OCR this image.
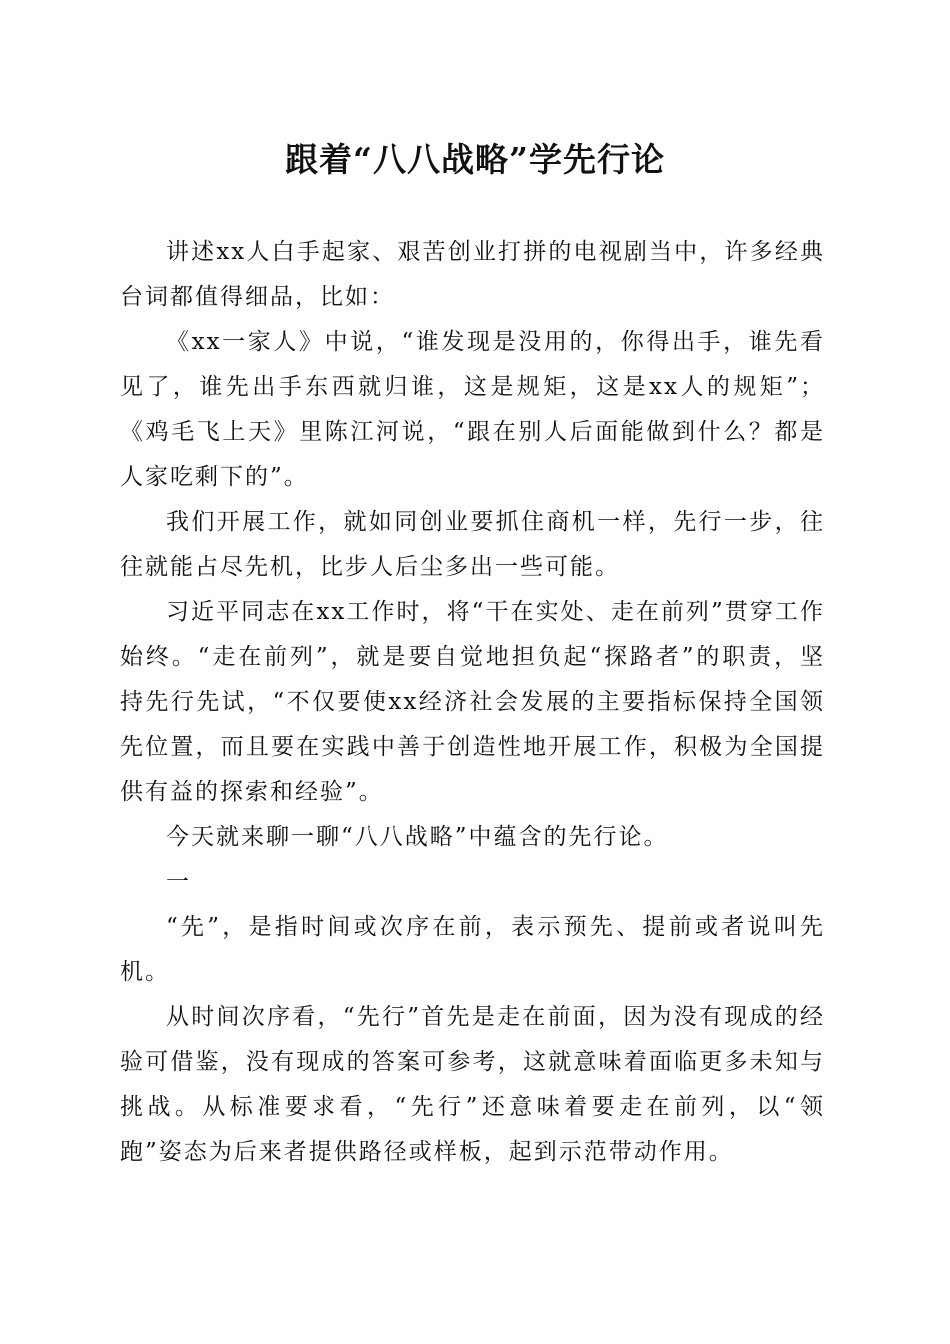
跟着“八八战略”学先行论

讲述xx人白手起家、艰苦创业打拼的电视剧当中，许多经典台词都值得细品，比如：

《xx一家人》中说，“谁发现是没用的，你得出手，谁先看见了，谁先出手东西就归谁，这是规矩，这是xx人的规矩”；《鸡毛飞上天》里陈江河说，“跟在别人后面能做到什么？都是人家吃剩下的”。

我们开展工作，就如同创业要抓住商机一样，先行一步，往往就能占尽先机，比步人后尘多出一些可能。

习近平同志在xx工作时，将“干在实处、走在前列”贯穿工作始终。“走在前列”，就是要自觉地担负起“探路者”的职责，坚持先行先试，“不仅要使xx经济社会发展的主要指标保持全国领先位置，而且要在实践中善于创造性地开展工作，积极为全国提供有益的探索和经验”。

今天就来聊一聊“八八战略”中蕴含的先行论。

一

“先”，是指时间或次序在前，表示预先、提前或者说叫先机。

从时间次序看，“先行”首先是走在前面，因为没有现成的经验可借鉴，没有现成的答案可参考，这就意味着面临更多未知与挑战。从标准要求看，“先行”还意味着要走在前列，以“领跑”姿态为后来者提供路径或样板，起到示范带动作用。
